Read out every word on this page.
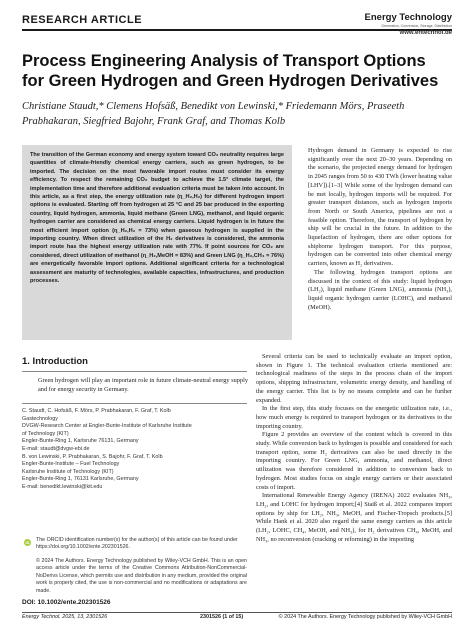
RESEARCH ARTICLE	Energy Technology
Generation, Conversion, Storage, Distribution
www.entechnol.de
Process Engineering Analysis of Transport Options for Green Hydrogen and Green Hydrogen Derivatives
Christiane Staudt,* Clemens Hofsäß, Benedikt von Lewinski,* Friedemann Mörs, Praseeth Prabhakaran, Siegfried Bajohr, Frank Graf, and Thomas Kolb
The transition of the German economy and energy system toward CO₂ neutrality requires large quantities of climate-friendly chemical energy carriers, such as green hydrogen, to be imported. The decision on the most favorable import routes must consider its energy efficiency. To respect the remaining CO₂ budget to achieve the 1.5° climate target, the implementation time and therefore additional evaluation criteria must be taken into account. In this article, as a first step, the energy utilization rate (η_H₂,H₂) for different hydrogen import options is evaluated. Starting off from hydrogen at 25 °C and 25 bar produced in the exporting country, liquid hydrogen, ammonia, liquid methane (Green LNG), methanol, and liquid organic hydrogen carrier are considered as chemical energy carriers. Liquid hydrogen is in future the most efficient import option (η_H₂,H₂ = 73%) when gaseous hydrogen is supplied in the importing country. When direct utilization of the H₂ derivatives is considered, the ammonia import route has the highest energy utilization rate with 77%. If point sources for CO₂ are considered, direct utilization of methanol (η_H₂,MeOH = 83%) and Green LNG (η_H₂,CH₄ = 76%) are energetically favorable import options. Additional significant criteria for a technological assessment are maturity of technologies, available capacities, infrastructures, and production processes.

Hydrogen demand in Germany is expected to rise significantly over the next 20–30 years. Depending on the scenario, the projected energy demand for hydrogen in 2045 ranges from 50 to 430 TWh (lower heating value [LHV]).[1–3] While some of the hydrogen demand can be met locally, hydrogen imports will be required. For greater transport distances, such as hydrogen imports from North or South America, pipelines are not a feasible option. Therefore, the transport of hydrogen by ship will be crucial in the future. In addition to the liquefaction of hydrogen, there are other options for shipborne hydrogen transport. For this purpose, hydrogen can be converted into other chemical energy carriers, known as H₂ derivatives.

The following hydrogen transport options are discussed in the context of this study: liquid hydrogen (LH₂), liquid methane (Green LNG), ammonia (NH₃), liquid organic hydrogen carrier (LOHC), and methanol (MeOH).

Several criteria can be used to technically evaluate an import option, shown in Figure 1. The technical evaluation criteria mentioned are: technological readiness of the steps in the process chain of the import options, shipping infrastructure, volumetric energy density, and handling of the energy carrier. This list is by no means complete and can be further expanded.

In the first step, this study focuses on the energetic utilization rate, i.e., how much energy is required to transport hydrogen or its derivatives to the importing country.

Figure 2 provides an overview of the content which is covered in this study. While conversion back to hydrogen is possible and considered for each transport option, some H₂ derivatives can also be used directly in the importing country. For Green LNG, ammonia, and methanol, direct utilization was therefore considered in addition to conversion back to hydrogen. Most studies focus on single energy carriers or their associated costs of import.

International Renewable Energy Agency (IRENA) 2022 evaluates NH₃, LH₂, and LOHC for hydrogen import;[4] Staiß et al. 2022 compares import options by ship for LH₂, NH₃, MeOH, and Fischer-Tropsch products.[5] While Hank et al. 2020 also regard the same energy carriers as this article (LH₂, LOHC, CH₄, MeOH, and NH₃), for H₂ derivatives CH₄, MeOH, and NH₃, no reconversion (cracking or reforming) in the importing

1. Introduction
Green hydrogen will play an important role in future climate-neutral energy supply and for energy security in Germany.
C. Staudt, C. Hofsäß, F. Mörs, P. Prabhakaran, F. Graf, T. Kolb
Gastechnology
DVGW-Research Center at Engler-Bunte-Institute of Karlsruhe Institute
of Technology (KIT)
Engler-Bunte-Ring 1, Karlsruhe 76131, Germany
E-mail: staudt@dvgw-ebi.de
B. von Lewinski, P. Prabhakaran, S. Bajohr, F. Graf, T. Kolb
Engler-Bunte-Institute – Fuel Technology
Karlsruhe Institute of Technology (KIT)
Engler-Bunte-Ring 1, 76131 Karlsruhe, Germany
E-mail: benedikt.lewinski@kit.edu
iD The ORCID identification number(s) for the author(s) of this article can be found under https://doi.org/10.1002/ente.202301526.
© 2024 The Authors. Energy Technology published by Wiley-VCH GmbH. This is an open access article under the terms of the Creative Commons Attribution-NonCommercial-NoDerivs License, which permits use and distribution in any medium, provided the original work is properly cited, the use is non-commercial and no modifications or adaptations are made.
DOI: 10.1002/ente.202301526
Energy Technol. 2025, 13, 2301526	2301526 (1 of 15)	© 2024 The Authors. Energy Technology published by Wiley-VCH GmbH
